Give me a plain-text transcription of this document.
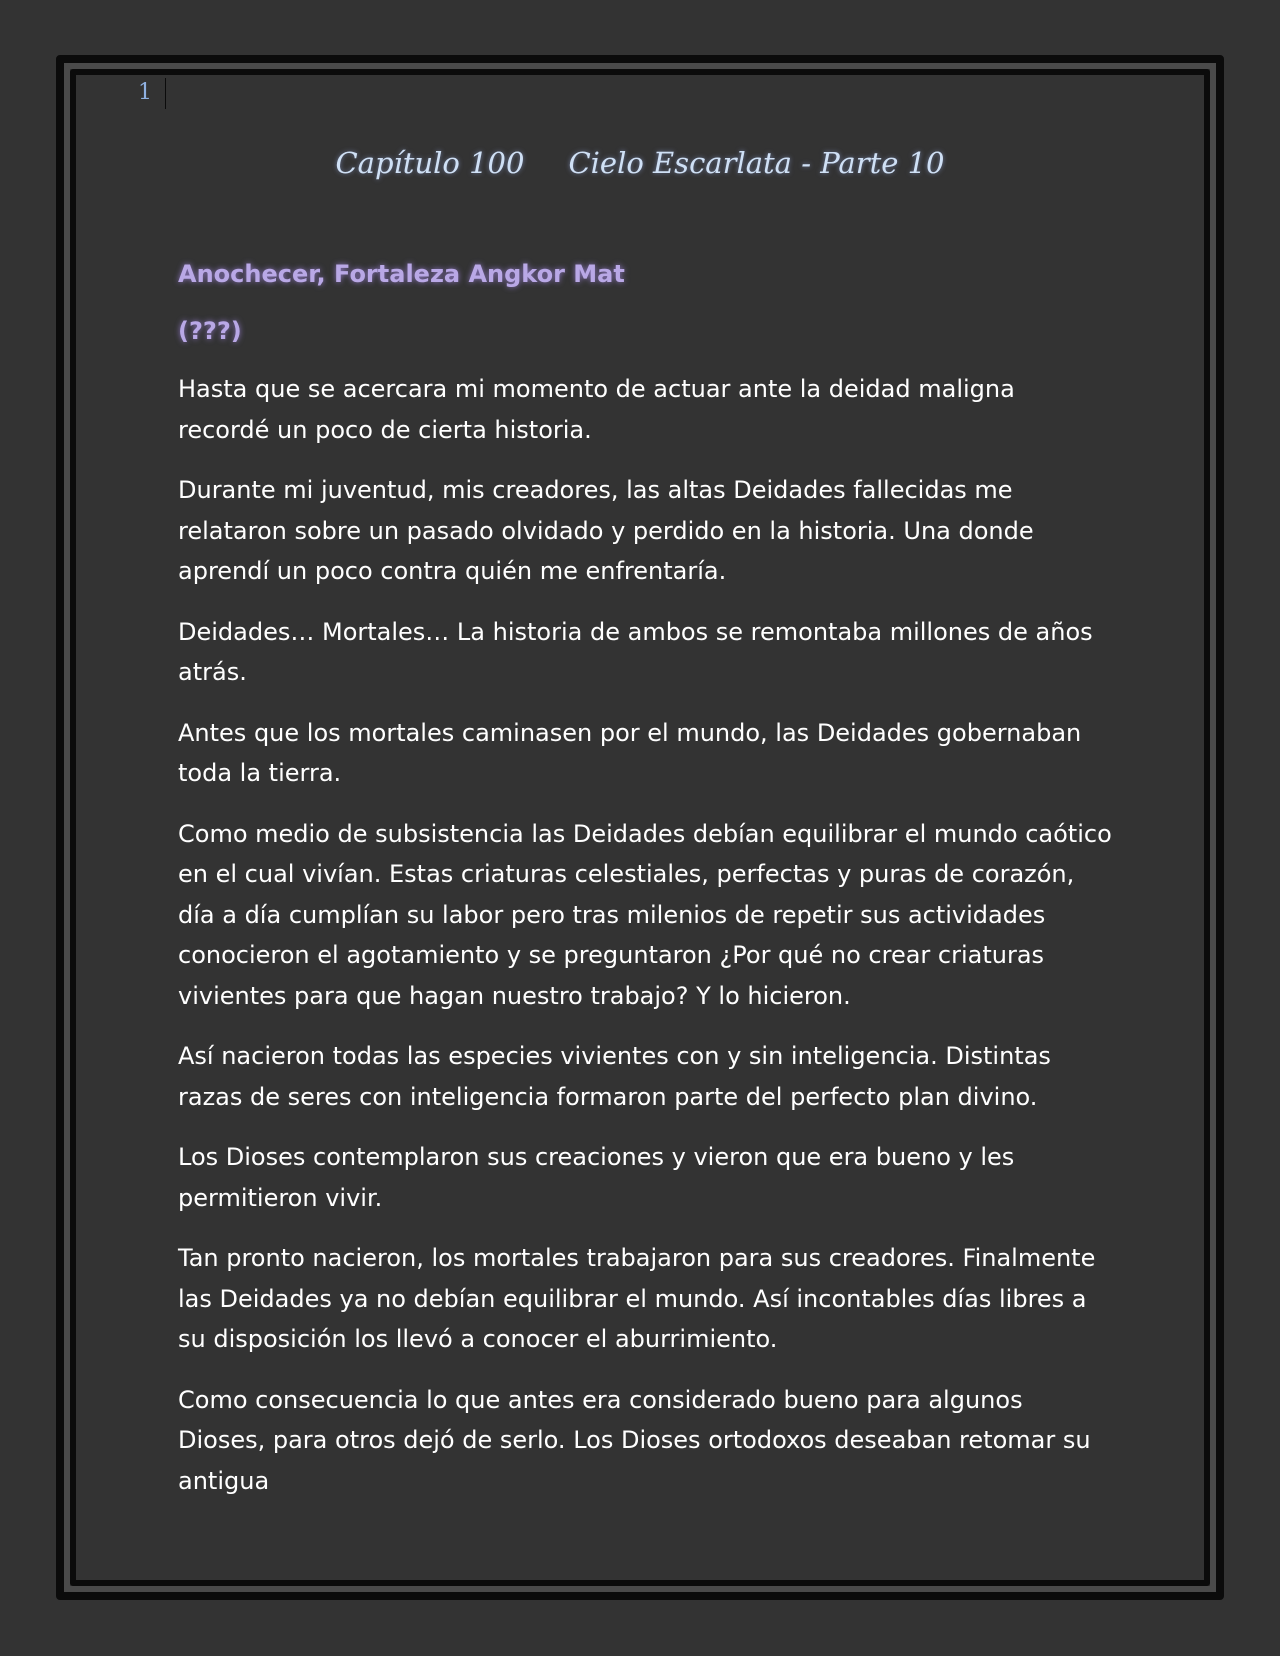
1
Capítulo 100 Cielo Escarlata - Parte 10
Anochecer, Fortaleza Angkor Mat
(???)

Hasta que se acercara mi momento de actuar ante la deidad maligna recordé un poco de cierta historia.

Durante mi juventud, mis creadores, las altas Deidades fallecidas me relataron sobre un pasado olvidado y perdido en la historia. Una donde aprendí un poco contra quién me enfrentaría.

Deidades… Mortales… La historia de ambos se remontaba millones de años atrás.

Antes que los mortales caminasen por el mundo, las Deidades gobernaban toda la tierra.

Como medio de subsistencia las Deidades debían equilibrar el mundo caótico en el cual vivían. Estas criaturas celestiales, perfectas y puras de corazón, día a día cumplían su labor pero tras milenios de repetir sus actividades conocieron el agotamiento y se preguntaron ¿Por qué no crear criaturas vivientes para que hagan nuestro trabajo? Y lo hicieron.

Así nacieron todas las especies vivientes con y sin inteligencia. Distintas razas de seres con inteligencia formaron parte del perfecto plan divino.

Los Dioses contemplaron sus creaciones y vieron que era bueno y les permitieron vivir.

Tan pronto nacieron, los mortales trabajaron para sus creadores. Finalmente las Deidades ya no debían equilibrar el mundo. Así incontables días libres a su disposición los llevó a conocer el aburrimiento.

Como consecuencia lo que antes era considerado bueno para algunos Dioses, para otros dejó de serlo. Los Dioses ortodoxos deseaban retomar su antigua
